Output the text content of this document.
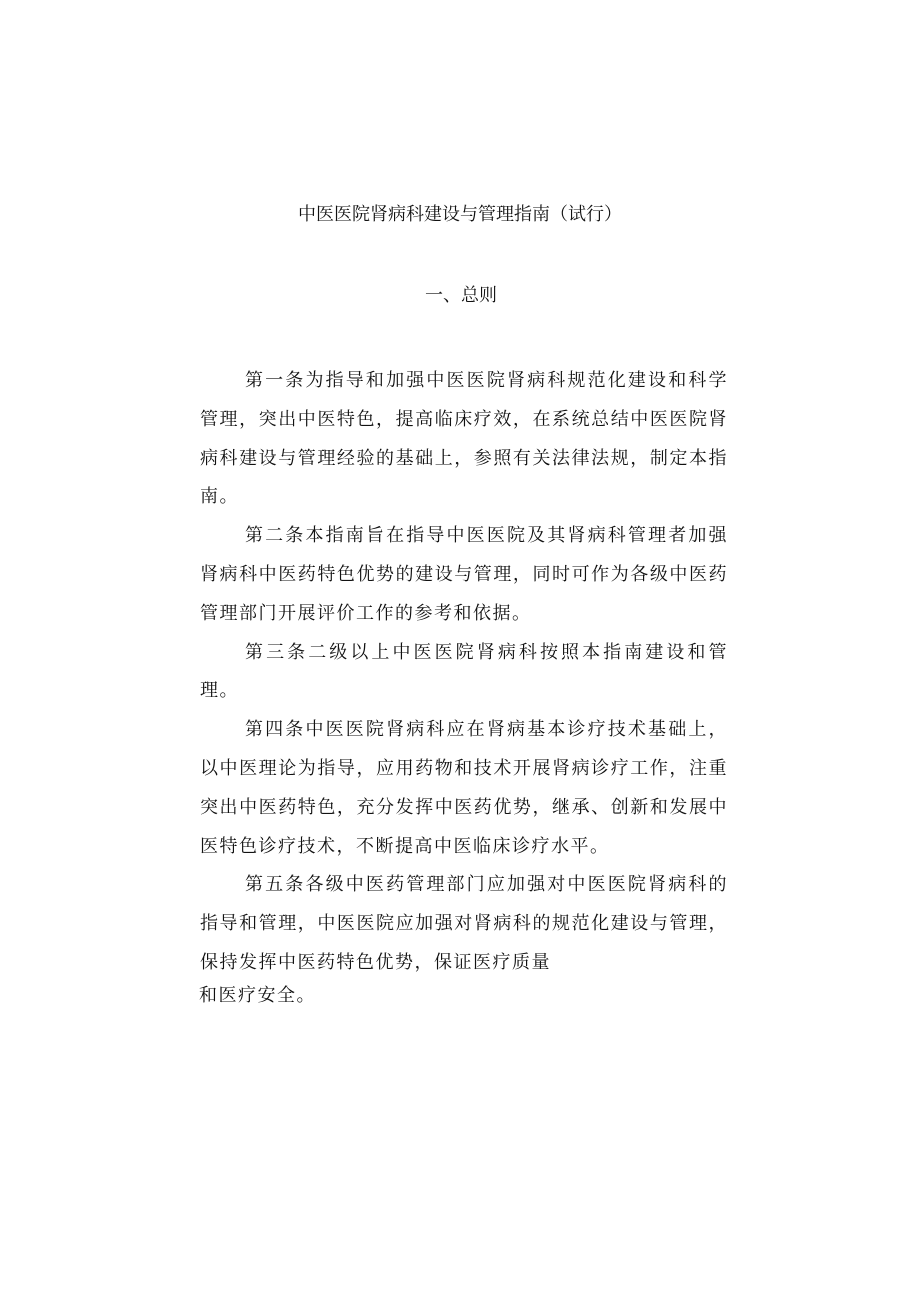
中医医院肾病科建设与管理指南（试行）
一、总则

第一条为指导和加强中医医院肾病科规范化建设和科学管理，突出中医特色，提高临床疗效，在系统总结中医医院肾病科建设与管理经验的基础上，参照有关法律法规，制定本指南。

第二条本指南旨在指导中医医院及其肾病科管理者加强肾病科中医药特色优势的建设与管理，同时可作为各级中医药管理部门开展评价工作的参考和依据。

第三条二级以上中医医院肾病科按照本指南建设和管理。

第四条中医医院肾病科应在肾病基本诊疗技术基础上，以中医理论为指导，应用药物和技术开展肾病诊疗工作，注重突出中医药特色，充分发挥中医药优势，继承、创新和发展中医特色诊疗技术，不断提高中医临床诊疗水平。

第五条各级中医药管理部门应加强对中医医院肾病科的指导和管理，中医医院应加强对肾病科的规范化建设与管理，保持发挥中医药特色优势，保证医疗质量

和医疗安全。
